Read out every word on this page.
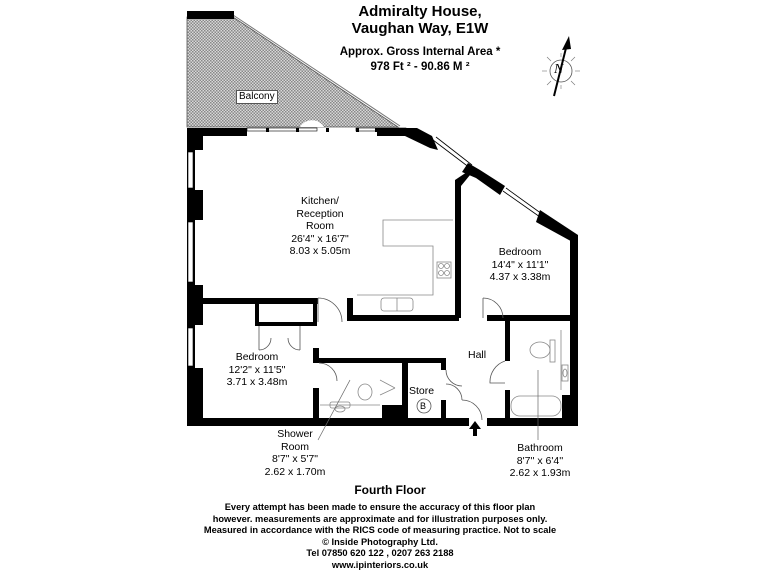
Admiralty House,
Vaughan Way, E1W
Approx. Gross Internal Area *
978 Ft ² - 90.86 M ²	N
Balcony
Kitchen/
Reception
Room
26'4" x 16'7"
8.03 x 5.05m	Bedroom
14'4" x 11'1"
4.37 x 3.38m
Bedroom
12'2" x 11'5"
3.71 x 3.48m
Shower
Room
8'7" x 5'7"
2.62 x 1.70m
Bathroom
8'7'' x 6'4''
2.62 x 1.93m
Hall
Store
B
Fourth Floor
Every attempt has been made to ensure the accuracy of this floor plan
however. measurements are approximate and for illustration purposes only.
Measured in accordance with the RICS code of measuring practice. Not to scale
© Inside Photography Ltd.
Tel 07850 620 122 , 0207 263 2188
www.ipinteriors.co.uk
